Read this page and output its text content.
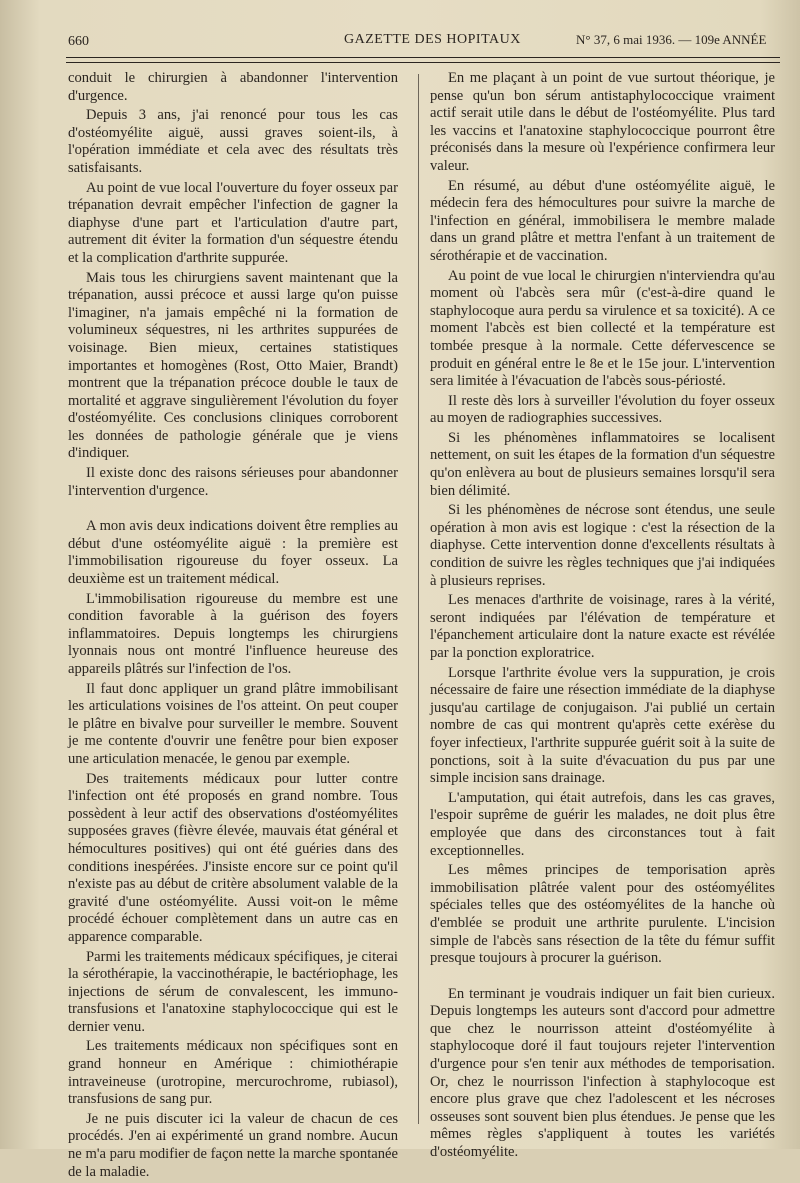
660	GAZETTE DES HOPITAUX	N° 37, 6 mai 1936. — 109e ANNÉE

conduit le chirurgien à abandonner l'intervention d'urgence.

Depuis 3 ans, j'ai renoncé pour tous les cas d'ostéomyélite aiguë, aussi graves soient-ils, à l'opération immédiate et cela avec des résultats très satisfaisants.

Au point de vue local l'ouverture du foyer osseux par trépanation devrait empêcher l'infection de gagner la diaphyse d'une part et l'articulation d'autre part, autrement dit éviter la formation d'un séquestre étendu et la complication d'arthrite suppurée.

Mais tous les chirurgiens savent maintenant que la trépanation, aussi précoce et aussi large qu'on puisse l'imaginer, n'a jamais empêché ni la formation de volumineux séquestres, ni les arthrites suppurées de voisinage. Bien mieux, certaines statistiques importantes et homogènes (Rost, Otto Maier, Brandt) montrent que la trépanation précoce double le taux de mortalité et aggrave singulièrement l'évolution du foyer d'ostéomyélite. Ces conclusions cliniques corroborent les données de pathologie générale que je viens d'indiquer.

Il existe donc des raisons sérieuses pour abandonner l'intervention d'urgence.

A mon avis deux indications doivent être remplies au début d'une ostéomyélite aiguë : la première est l'immobilisation rigoureuse du foyer osseux. La deuxième est un traitement médical.

L'immobilisation rigoureuse du membre est une condition favorable à la guérison des foyers inflammatoires. Depuis longtemps les chirurgiens lyonnais nous ont montré l'influence heureuse des appareils plâtrés sur l'infection de l'os.

Il faut donc appliquer un grand plâtre immobilisant les articulations voisines de l'os atteint. On peut couper le plâtre en bivalve pour surveiller le membre. Souvent je me contente d'ouvrir une fenêtre pour bien exposer une articulation menacée, le genou par exemple.

Des traitements médicaux pour lutter contre l'infection ont été proposés en grand nombre. Tous possèdent à leur actif des observations d'ostéomyélites supposées graves (fièvre élevée, mauvais état général et hémocultures positives) qui ont été guéries dans des conditions inespérées. J'insiste encore sur ce point qu'il n'existe pas au début de critère absolument valable de la gravité d'une ostéomyélite. Aussi voit-on le même procédé échouer complètement dans un autre cas en apparence comparable.

Parmi les traitements médicaux spécifiques, je citerai la sérothérapie, la vaccinothérapie, le bactériophage, les injections de sérum de convalescent, les immuno-transfusions et l'anatoxine staphylococcique qui est le dernier venu.

Les traitements médicaux non spécifiques sont en grand honneur en Amérique : chimiothérapie intraveineuse (urotropine, mercurochrome, rubiasol), transfusions de sang pur.

Je ne puis discuter ici la valeur de chacun de ces procédés. J'en ai expérimenté un grand nombre. Aucun ne m'a paru modifier de façon nette la marche spontanée de la maladie.

En me plaçant à un point de vue surtout théorique, je pense qu'un bon sérum antistaphylococcique vraiment actif serait utile dans le début de l'ostéomyélite. Plus tard les vaccins et l'anatoxine staphylococcique pourront être préconisés dans la mesure où l'expérience confirmera leur valeur.

En résumé, au début d'une ostéomyélite aiguë, le médecin fera des hémocultures pour suivre la marche de l'infection en général, immobilisera le membre malade dans un grand plâtre et mettra l'enfant à un traitement de sérothérapie et de vaccination.

Au point de vue local le chirurgien n'interviendra qu'au moment où l'abcès sera mûr (c'est-à-dire quand le staphylocoque aura perdu sa virulence et sa toxicité). A ce moment l'abcès est bien collecté et la température est tombée presque à la normale. Cette défervescence se produit en général entre le 8e et le 15e jour. L'intervention sera limitée à l'évacuation de l'abcès sous-périosté.

Il reste dès lors à surveiller l'évolution du foyer osseux au moyen de radiographies successives.

Si les phénomènes inflammatoires se localisent nettement, on suit les étapes de la formation d'un séquestre qu'on enlèvera au bout de plusieurs semaines lorsqu'il sera bien délimité.

Si les phénomènes de nécrose sont étendus, une seule opération à mon avis est logique : c'est la résection de la diaphyse. Cette intervention donne d'excellents résultats à condition de suivre les règles techniques que j'ai indiquées à plusieurs reprises.

Les menaces d'arthrite de voisinage, rares à la vérité, seront indiquées par l'élévation de température et l'épanchement articulaire dont la nature exacte est révélée par la ponction exploratrice.

Lorsque l'arthrite évolue vers la suppuration, je crois nécessaire de faire une résection immédiate de la diaphyse jusqu'au cartilage de conjugaison. J'ai publié un certain nombre de cas qui montrent qu'après cette exérèse du foyer infectieux, l'arthrite suppurée guérit soit à la suite de ponctions, soit à la suite d'évacuation du pus par une simple incision sans drainage.

L'amputation, qui était autrefois, dans les cas graves, l'espoir suprême de guérir les malades, ne doit plus être employée que dans des circonstances tout à fait exceptionnelles.

Les mêmes principes de temporisation après immobilisation plâtrée valent pour des ostéomyélites spéciales telles que des ostéomyélites de la hanche où d'emblée se produit une arthrite purulente. L'incision simple de l'abcès sans résection de la tête du fémur suffit presque toujours à procurer la guérison.

En terminant je voudrais indiquer un fait bien curieux. Depuis longtemps les auteurs sont d'accord pour admettre que chez le nourrisson atteint d'ostéomyélite à staphylocoque doré il faut toujours rejeter l'intervention d'urgence pour s'en tenir aux méthodes de temporisation. Or, chez le nourrisson l'infection à staphylocoque est encore plus grave que chez l'adolescent et les nécroses osseuses sont souvent bien plus étendues. Je pense que les mêmes règles s'appliquent à toutes les variétés d'ostéomyélite.
